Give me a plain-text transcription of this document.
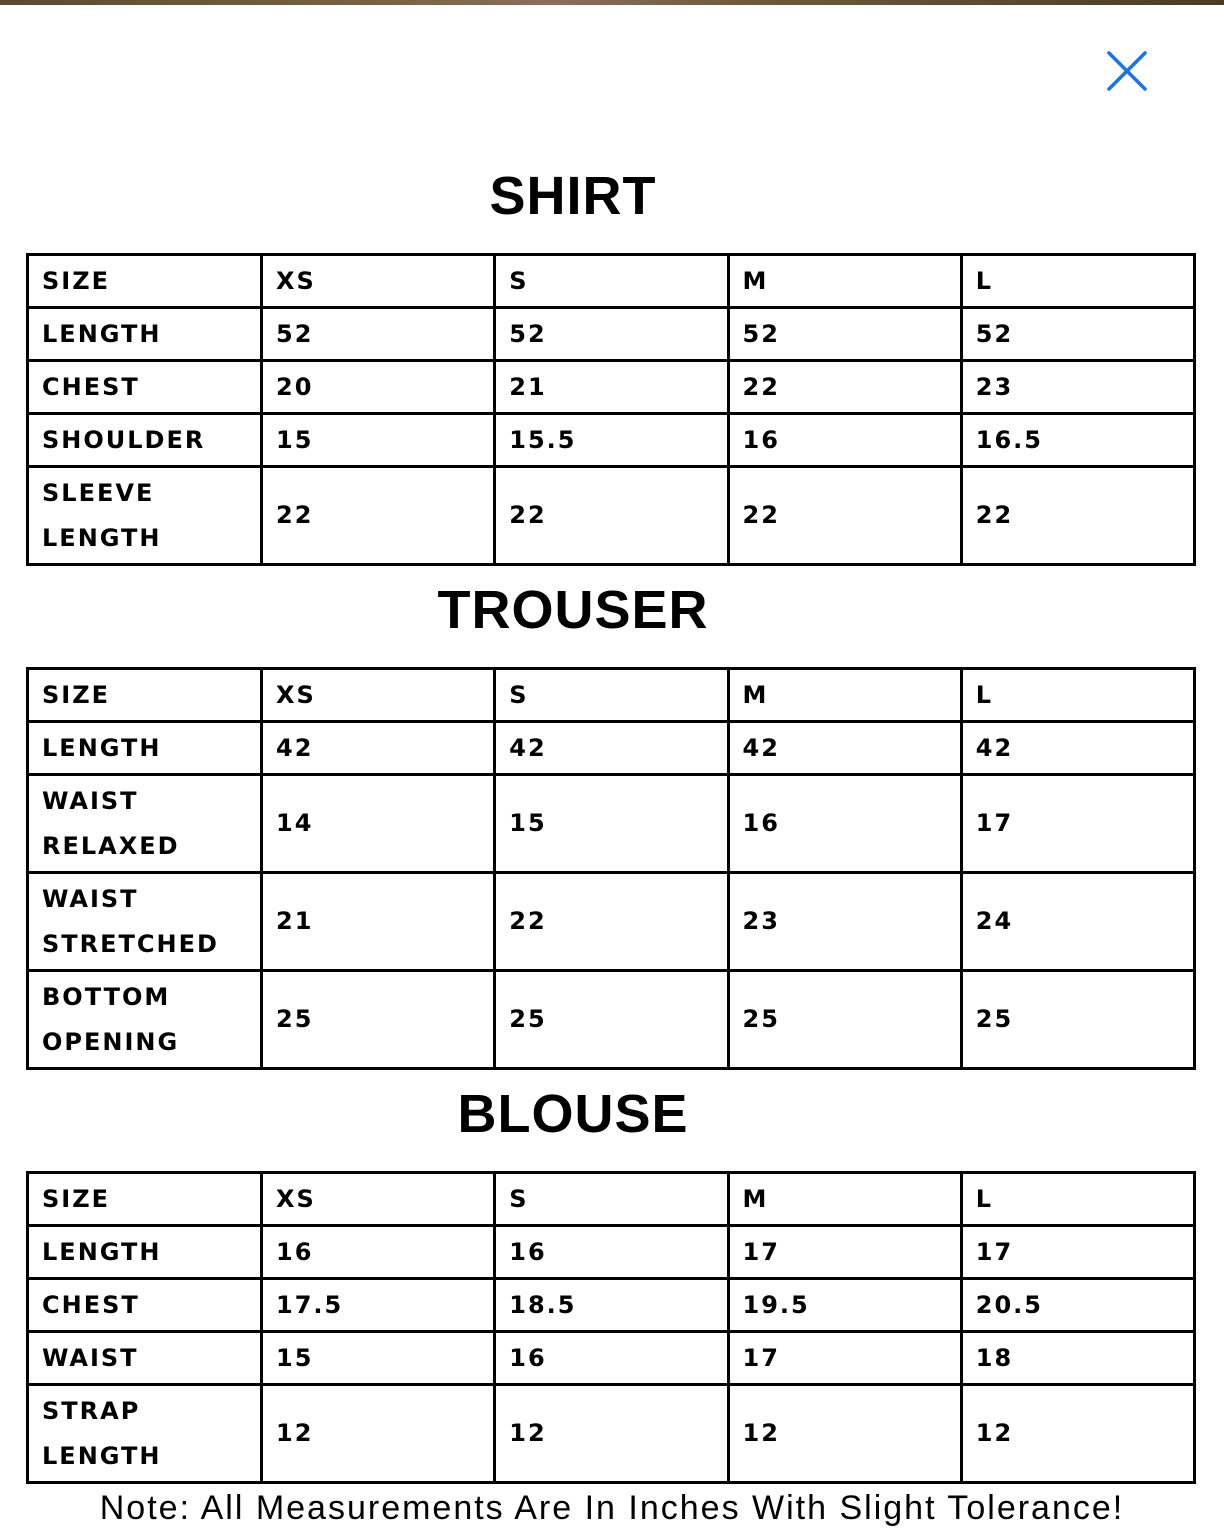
SHIRT
SIZE	XS	S	M	L
LENGTH	52	52	52	52
CHEST	20	21	22	23
SHOULDER	15	15.5	16	16.5
SLEEVE LENGTH	22	22	22	22
TROUSER
SIZE	XS	S	M	L
LENGTH	42	42	42	42
WAIST RELAXED	14	15	16	17
WAIST STRETCHED	21	22	23	24
BOTTOM OPENING	25	25	25	25
BLOUSE
SIZE	XS	S	M	L
LENGTH	16	16	17	17
CHEST	17.5	18.5	19.5	20.5
WAIST	15	16	17	18
STRAP LENGTH	12	12	12	12

Note: All Measurements Are In Inches With Slight Tolerance!
